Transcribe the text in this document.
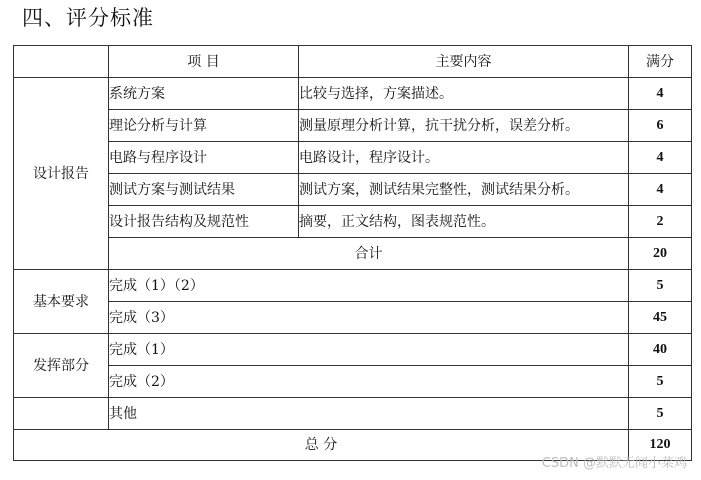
四、评分标准
	项 目	主要内容	满分
设计报告	系统方案	比较与选择，方案描述。	4
	理论分析与计算	测量原理分析计算，抗干扰分析，误差分析。	6
	电路与程序设计	电路设计，程序设计。	4
	测试方案与测试结果	测试方案，测试结果完整性，测试结果分析。	4
	设计报告结构及规范性	摘要，正文结构，图表规范性。	2
	合计		20
基本要求	完成（1）（2）		5
	完成（3）		45
发挥部分	完成（1）		40
	完成（2）		5
	其他		5
总 分			120
CSDN @默默无闻小菜鸡
